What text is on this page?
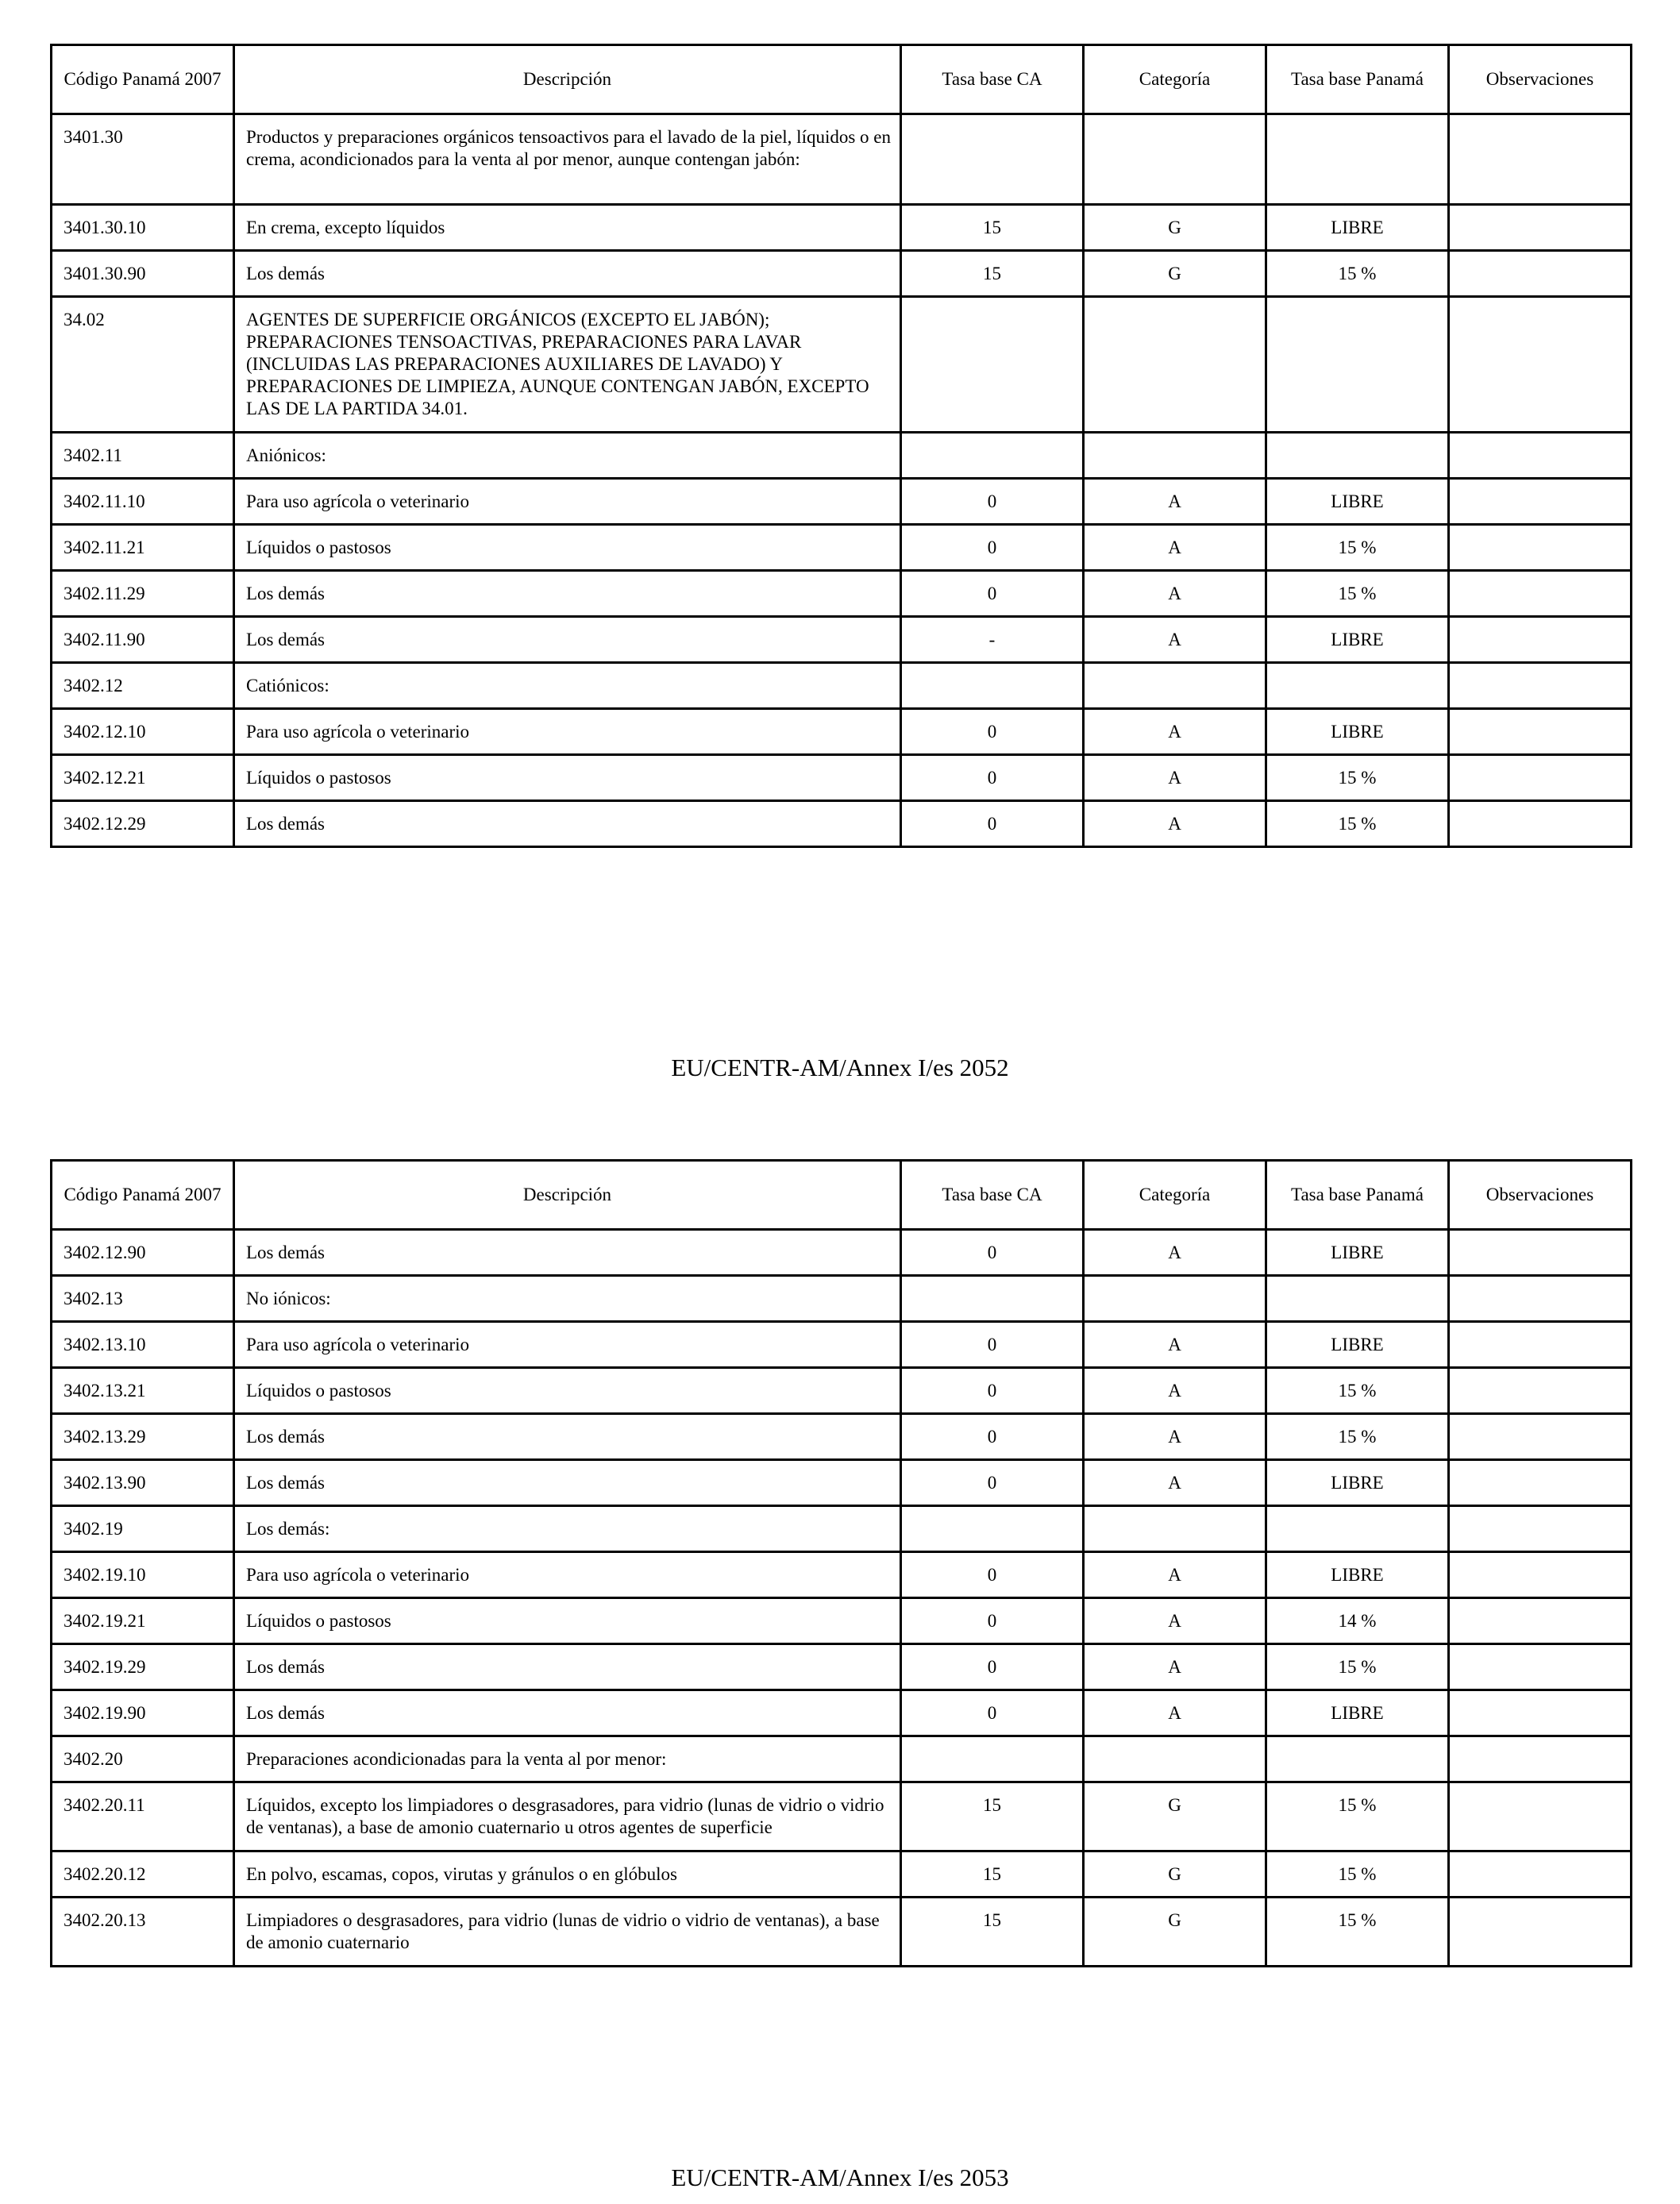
Código Panamá 2007	Descripción	Tasa base CA	Categoría	Tasa base Panamá	Observaciones
3401.30	Productos y preparaciones orgánicos tensoactivos para el lavado de la piel, líquidos o en crema, acondicionados para la venta al por menor, aunque contengan jabón:				
3401.30.10	En crema, excepto líquidos	15	G	LIBRE	
3401.30.90	Los demás	15	G	15 %	
34.02	AGENTES DE SUPERFICIE ORGÁNICOS (EXCEPTO EL JABÓN); PREPARACIONES TENSOACTIVAS, PREPARACIONES PARA LAVAR (INCLUIDAS LAS PREPARACIONES AUXILIARES DE LAVADO) Y PREPARACIONES DE LIMPIEZA, AUNQUE CONTENGAN JABÓN, EXCEPTO LAS DE LA PARTIDA 34.01.				
3402.11	Aniónicos:				
3402.11.10	Para uso agrícola o veterinario	0	A	LIBRE	
3402.11.21	Líquidos o pastosos	0	A	15 %	
3402.11.29	Los demás	0	A	15 %	
3402.11.90	Los demás	-	A	LIBRE	
3402.12	Catiónicos:				
3402.12.10	Para uso agrícola o veterinario	0	A	LIBRE	
3402.12.21	Líquidos o pastosos	0	A	15 %	
3402.12.29	Los demás	0	A	15 %	
EU/CENTR-AM/Annex I/es 2052
Código Panamá 2007	Descripción	Tasa base CA	Categoría	Tasa base Panamá	Observaciones
3402.12.90	Los demás	0	A	LIBRE	
3402.13	No iónicos:				
3402.13.10	Para uso agrícola o veterinario	0	A	LIBRE	
3402.13.21	Líquidos o pastosos	0	A	15 %	
3402.13.29	Los demás	0	A	15 %	
3402.13.90	Los demás	0	A	LIBRE	
3402.19	Los demás:				
3402.19.10	Para uso agrícola o veterinario	0	A	LIBRE	
3402.19.21	Líquidos o pastosos	0	A	14 %	
3402.19.29	Los demás	0	A	15 %	
3402.19.90	Los demás	0	A	LIBRE	
3402.20	Preparaciones acondicionadas para la venta al por menor:				
3402.20.11	Líquidos, excepto los limpiadores o desgrasadores, para vidrio (lunas de vidrio o vidrio de ventanas), a base de amonio cuaternario u otros agentes de superficie	15	G	15 %	
3402.20.12	En polvo, escamas, copos, virutas y gránulos o en glóbulos	15	G	15 %	
3402.20.13	Limpiadores o desgrasadores, para vidrio (lunas de vidrio o vidrio de ventanas), a base de amonio cuaternario	15	G	15 %	
EU/CENTR-AM/Annex I/es 2053
